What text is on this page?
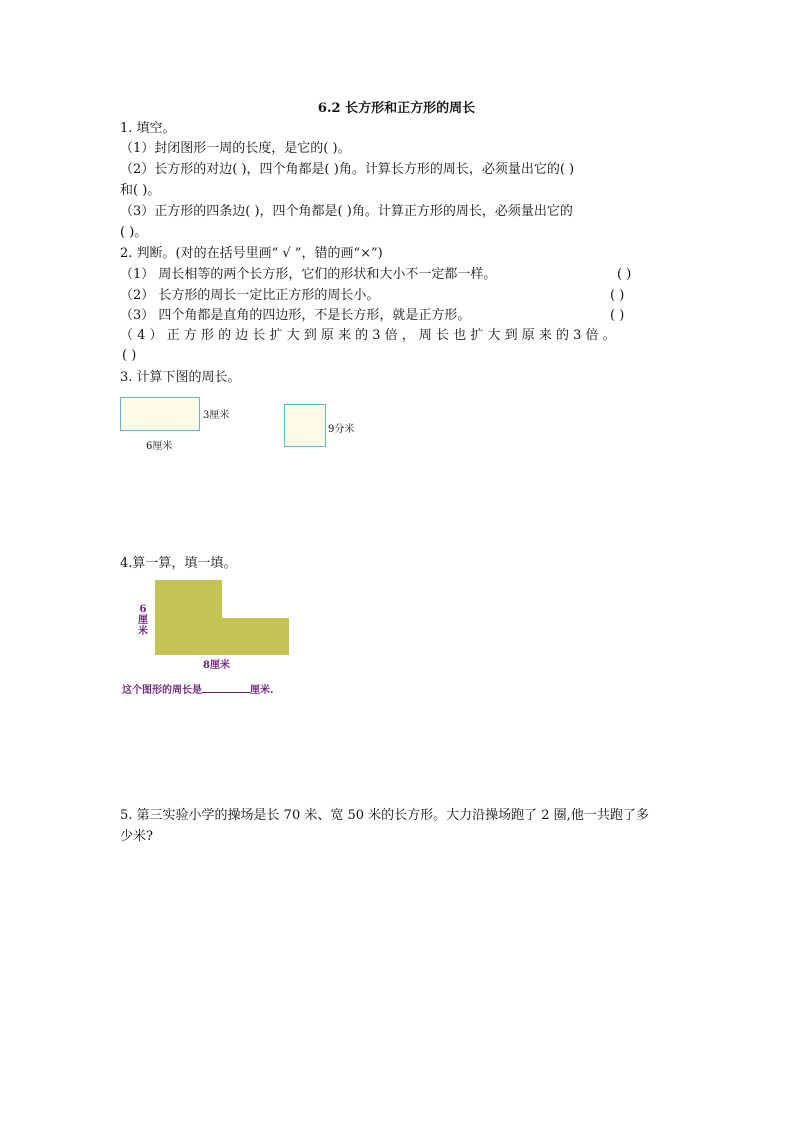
6.2 长方形和正方形的周长
1. 填空。
（1）封闭图形一周的长度，是它的( )。
（2）长方形的对边( )，四个角都是( )角。计算长方形的周长，必须量出它的( )
和( )。
（3）正方形的四条边( )，四个角都是( )角。计算正方形的周长，必须量出它的
( )。
2. 判断。(对的在括号里画“ √ ”，错的画“×”)
（1） 周长相等的两个长方形，它们的形状和大小不一定都一样。	( )
（2） 长方形的周长一定比正方形的周长小。	( )
（3） 四个角都是直角的四边形，不是长方形，就是正方形。	( )
（ 4 ） 正 方 形 的 边 长 扩 大 到 原 来 的 3 倍 ， 周 长 也 扩 大 到 原 来 的 3 倍 。
( )
3. 计算下图的周长。
3厘米
6厘米
9分米
4.算一算，填一填。
6
厘
米
8厘米
这个图形的周长是	厘米.
5. 第三实验小学的操场是长 70 米、宽 50 米的长方形。大力沿操场跑了 2 圈,他一共跑了多
少米?
